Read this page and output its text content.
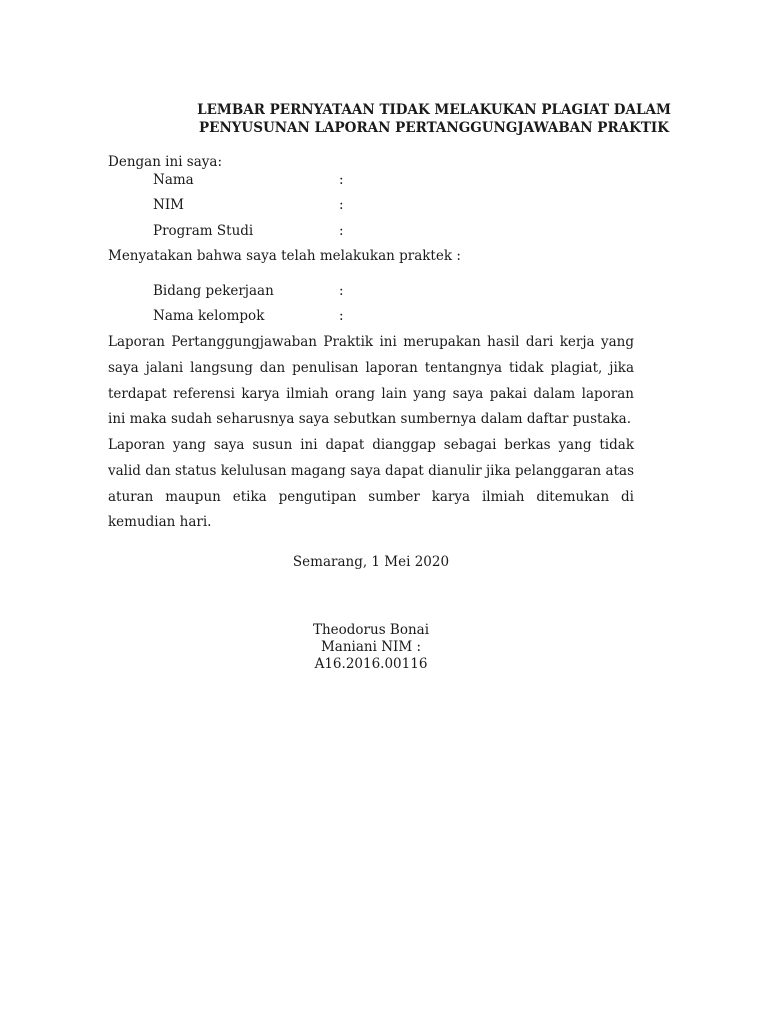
LEMBAR PERNYATAAN TIDAK MELAKUKAN PLAGIAT DALAM
PENYUSUNAN LAPORAN PERTANGGUNGJAWABAN PRAKTIK
Dengan ini saya:
Nama	:
NIM	:
Program Studi	:
Menyatakan bahwa saya telah melakukan praktek :
Bidang pekerjaan	:
Nama kelompok	:
Laporan Pertanggungjawaban Praktik ini merupakan hasil dari kerja yang saya jalani langsung dan penulisan laporan tentangnya tidak plagiat, jika terdapat referensi karya ilmiah orang lain yang saya pakai dalam laporan ini maka sudah seharusnya saya sebutkan sumbernya dalam daftar pustaka.
Laporan yang saya susun ini dapat dianggap sebagai berkas yang tidak valid dan status kelulusan magang saya dapat dianulir jika pelanggaran atas aturan maupun etika pengutipan sumber karya ilmiah ditemukan di kemudian hari.
Semarang, 1 Mei 2020
Theodorus Bonai
Maniani NIM :
A16.2016.00116
